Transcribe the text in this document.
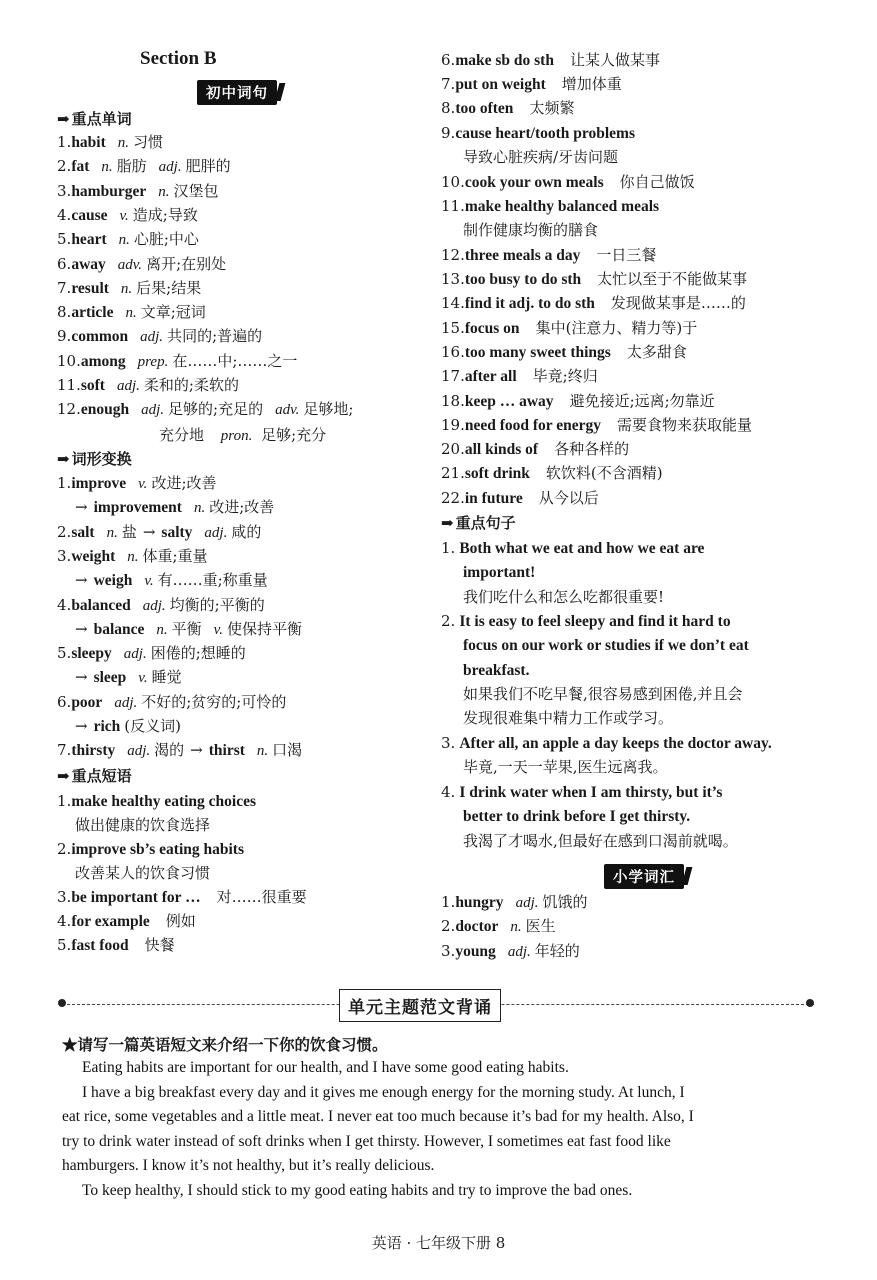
Section B
初中词句
➡ 重点单词
1.habit n. 习惯
2.fat n. 脂肪 adj. 肥胖的
3.hamburger n. 汉堡包
4.cause v. 造成;导致
5.heart n. 心脏;中心
6.away adv. 离开;在别处
7.result n. 后果;结果
8.article n. 文章;冠词
9.common adj. 共同的;普遍的
10.among prep. 在……中;……之一
11.soft adj. 柔和的;柔软的
12.enough adj. 足够的;充足的 adv. 足够地;
充分地 pron. 足够;充分
➡ 词形变换
1.improve v. 改进;改善
→ improvement n. 改进;改善
2.salt n. 盐 → salty adj. 咸的
3.weight n. 体重;重量
→ weigh v. 有……重;称重量
4.balanced adj. 均衡的;平衡的
→ balance n. 平衡 v. 使保持平衡
5.sleepy adj. 困倦的;想睡的
→ sleep v. 睡觉
6.poor adj. 不好的;贫穷的;可怜的
→ rich (反义词)
7.thirsty adj. 渴的 → thirst n. 口渴
➡ 重点短语
1.make healthy eating choices
做出健康的饮食选择
2.improve sb’s eating habits
改善某人的饮食习惯
3.be important for … 对……很重要
4.for example 例如
5.fast food 快餐
6.make sb do sth 让某人做某事
7.put on weight 增加体重
8.too often 太频繁
9.cause heart/tooth problems
导致心脏疾病/牙齿问题
10.cook your own meals 你自己做饭
11.make healthy balanced meals
制作健康均衡的膳食
12.three meals a day 一日三餐
13.too busy to do sth 太忙以至于不能做某事
14.find it adj. to do sth 发现做某事是……的
15.focus on 集中(注意力、精力等)于
16.too many sweet things 太多甜食
17.after all 毕竟;终归
18.keep … away 避免接近;远离;勿靠近
19.need food for energy 需要食物来获取能量
20.all kinds of 各种各样的
21.soft drink 软饮料(不含酒精)
22.in future 从今以后
➡ 重点句子
1. Both what we eat and how we eat are
important!
我们吃什么和怎么吃都很重要!
2. It is easy to feel sleepy and find it hard to
focus on our work or studies if we don’t eat
breakfast.
如果我们不吃早餐,很容易感到困倦,并且会
发现很难集中精力工作或学习。
3. After all, an apple a day keeps the doctor away.
毕竟,一天一苹果,医生远离我。
4. I drink water when I am thirsty, but it’s
better to drink before I get thirsty.
我渴了才喝水,但最好在感到口渴前就喝。
小学词汇
1.hungry adj. 饥饿的
2.doctor n. 医生
3.young adj. 年轻的
单元主题范文背诵
★请写一篇英语短文来介绍一下你的饮食习惯。
Eating habits are important for our health, and I have some good eating habits.
I have a big breakfast every day and it gives me enough energy for the morning study. At lunch, I
eat rice, some vegetables and a little meat. I never eat too much because it’s bad for my health. Also, I
try to drink water instead of soft drinks when I get thirsty. However, I sometimes eat fast food like
hamburgers. I know it’s not healthy, but it’s really delicious.
To keep healthy, I should stick to my good eating habits and try to improve the bad ones.
英语 · 七年级下册 8
